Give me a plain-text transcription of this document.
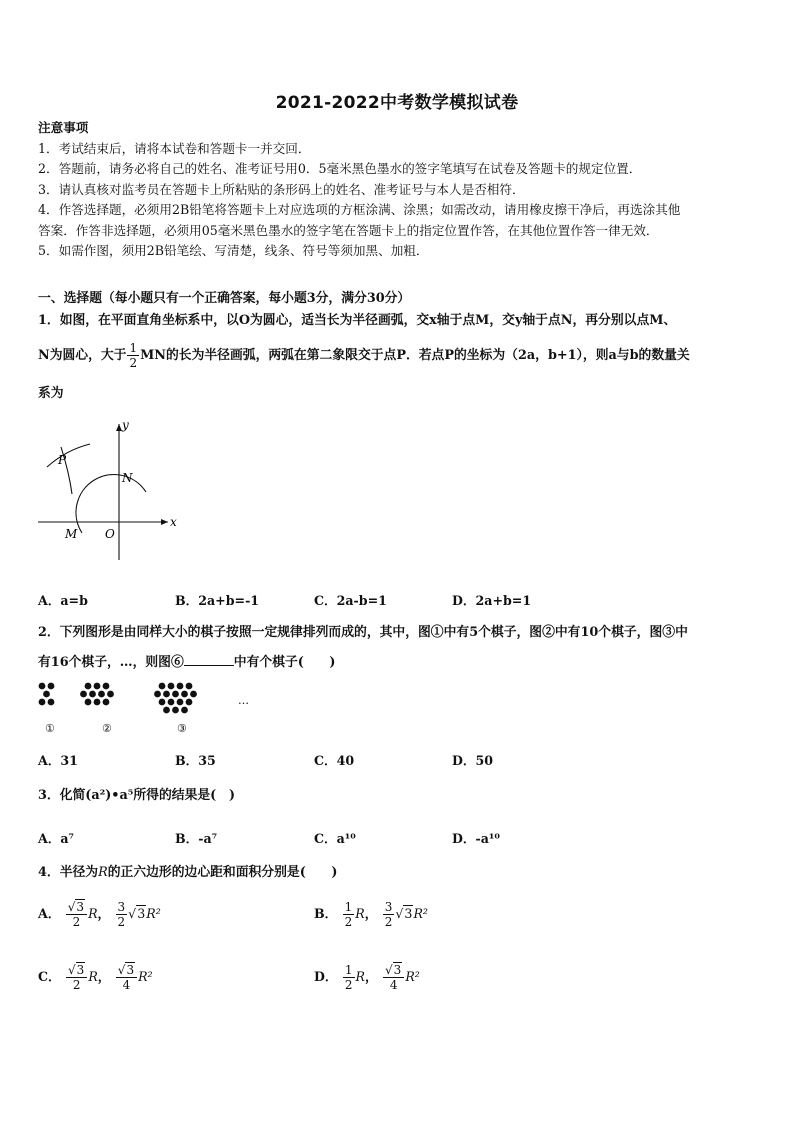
2021-2022中考数学模拟试卷
注意事项
1．考试结束后，请将本试卷和答题卡一并交回．
2．答题前，请务必将自己的姓名、准考证号用0．5毫米黑色墨水的签字笔填写在试卷及答题卡的规定位置．
3．请认真核对监考员在答题卡上所粘贴的条形码上的姓名、准考证号与本人是否相符．
4．作答选择题，必须用2B铅笔将答题卡上对应选项的方框涂满、涂黑；如需改动，请用橡皮擦干净后，再选涂其他
答案．作答非选择题，必须用05毫米黑色墨水的签字笔在答题卡上的指定位置作答，在其他位置作答一律无效．
5．如需作图，须用2B铅笔绘、写清楚，线条、符号等须加黑、加粗．
一、选择题（每小题只有一个正确答案，每小题3分，满分30分）
1．如图，在平面直角坐标系中，以O为圆心，适当长为半径画弧，交x轴于点M，交y轴于点N，再分别以点M、
N为圆心，大于 $\frac{1}{2}$ MN的长为半径画弧，两弧在第二象限交于点P．若点P的坐标为（2a，b+1），则a与b的数量关
系为
y
x
P
N
M O
A．a=b	B．2a+b=-1	C．2a-b=1	D．2a+b=1
2．下列图形是由同样大小的棋子按照一定规律排列而成的，其中，图①中有5个棋子，图②中有10个棋子，图③中
有16个棋子，…，则图⑥	中有个棋子(　　)
…
①	②	③
A．31	B．35	C．40	D．50
3．化简(a²)•a⁵所得的结果是(　)
A．a⁷	B．-a⁷	C．a¹⁰	D．-a¹⁰
4．半径为R的正六边形的边心距和面积分别是(　　)
A． $\frac{√3}{2}$ R， $\frac{3}{2} √3R^2$	B． $\frac{1}{2}$ R， $\frac{3}{2} √3R^2$
C． $\frac{√3}{2}$ R， $\frac{√3}{4} R^2$	D． $\frac{1}{2}$ R， $\frac{√3}{4} R^2$
